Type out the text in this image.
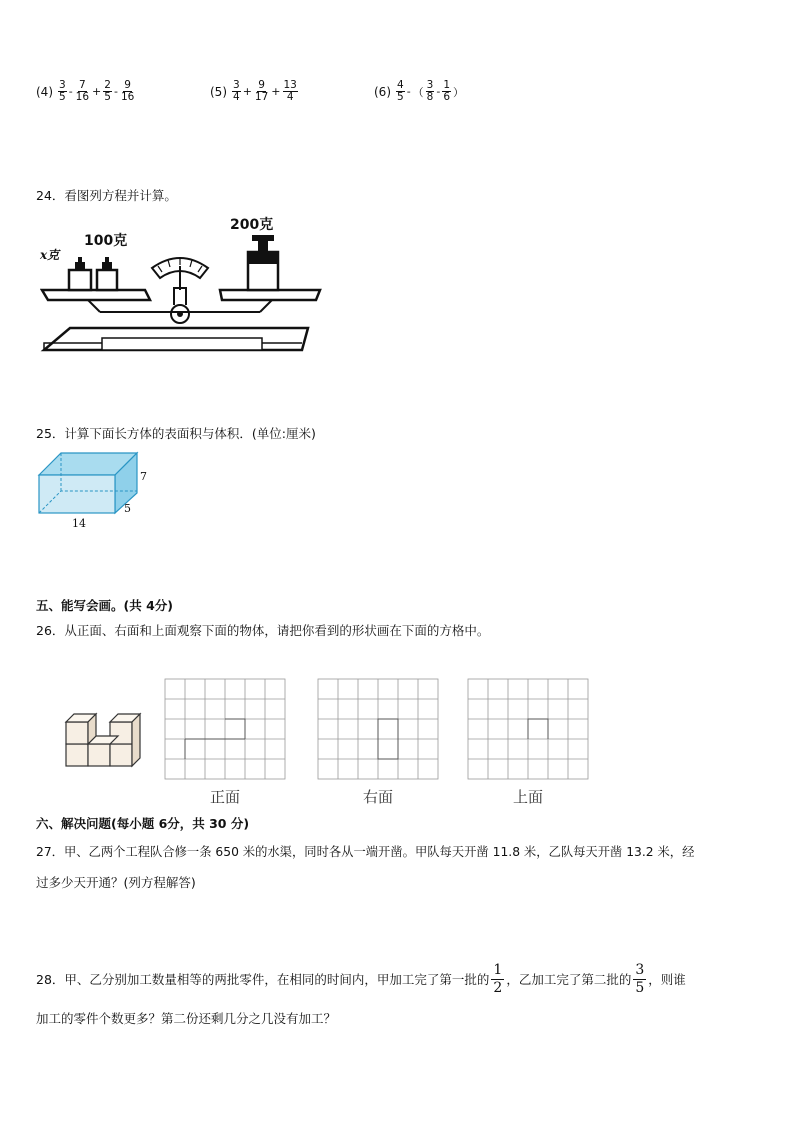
$(4) \frac{3}{5} - \frac{7}{16} + \frac{2}{5} - \frac{9}{16}$	$(5) \frac{3}{4} + \frac{9}{17} + \frac{13}{4}$	$(6) \frac{4}{5}$ - （ $\frac{3}{8} - \frac{1}{6}$ ）
24．看图列方程并计算。
x克
100克
200克
25．计算下面长方体的表面积与体积．(单位:厘米)
7
5
14
五、能写会画。(共 4分)
26．从正面、右面和上面观察下面的物体，请把你看到的形状画在下面的方格中。
正面	右面	上面
六、解决问题(每小题 6分，共 30 分)
27．甲、乙两个工程队合修一条 650 米的水渠，同时各从一端开凿。甲队每天开凿 11.8 米，乙队每天开凿 13.2 米，经
过多少天开通？(列方程解答)
28．甲、乙分别加工数量相等的两批零件，在相同的时间内，甲加工完了第一批的 $\frac{1}{2}$ ，乙加工完了第二批的 $\frac{3}{5}$ ，则谁
加工的零件个数更多？第二份还剩几分之几没有加工？
